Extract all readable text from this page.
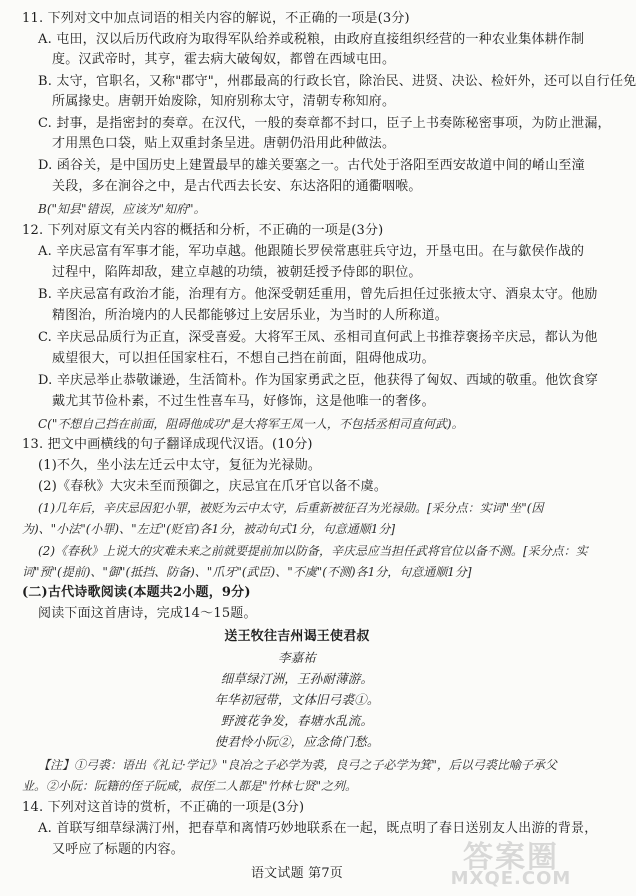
11. 下列对文中加点词语的相关内容的解说，不正确的一项是(3分)
A. 屯田，汉以后历代政府为取得军队给养或税粮，由政府直接组织经营的一种农业集体耕作制
度。汉武帝时，其亨，霍去病大破匈奴，都曾在西域屯田。
B. 太守，官职名，又称"郡守"，州郡最高的行政长官，除治民、进贤、决讼、检奸外，还可以自行任免
所属掾史。唐朝开始废除，知府别称太守，清朝专称知府。
C. 封事，是指密封的奏章。在汉代，一般的奏章都不封口，臣子上书奏陈秘密事项，为防止泄漏，
才用黑色口袋，贴上双重封条呈进。唐朝仍沿用此种做法。
D. 函谷关，是中国历史上建置最早的雄关要塞之一。古代处于洛阳至西安故道中间的崤山至潼
关段，多在涧谷之中，是古代西去长安、东达洛阳的通衢咽喉。
B("知县"错误，应该为"知府"。
12. 下列对原文有关内容的概括和分析，不正确的一项是(3分)
A. 辛庆忌富有军事才能，军功卓越。他跟随长罗侯常惠驻兵守边，开垦屯田。在与歙侯作战的
过程中，陷阵却敌，建立卓越的功绩，被朝廷授予侍郎的职位。
B. 辛庆忌富有政治才能，治理有方。他深受朝廷重用，曾先后担任过张掖太守、酒泉太守。他励
精图治，所治境内的人民都能够过上安居乐业，为当时的人所称道。
C. 辛庆忌品质行为正直，深受喜爱。大将军王凤、丞相司直何武上书推荐褒扬辛庆忌，都认为他
威望很大，可以担任国家柱石，不想自己挡在前面，阻碍他成功。
D. 辛庆忌举止恭敬谦逊，生活简朴。作为国家勇武之臣，他获得了匈奴、西域的敬重。他饮食穿
戴尤其节俭朴素，不过生性喜车马，好修饰，这是他唯一的奢侈。
C("不想自己挡在前面，阻碍他成功"是大将军王凤一人，不包括丞相司直何武)。
13. 把文中画横线的句子翻译成现代汉语。(10分)
(1)不久，坐小法左迁云中太守，复征为光禄勋。
(2)《春秋》大灾未至而预御之，庆忌宜在爪牙官以备不虞。
(1)几年后，辛庆忌因犯小罪，被贬为云中太守，后重新被征召为光禄勋。[采分点：实词"坐"(因
为)、"小法"(小罪)、"左迁"(贬官)各1分，被动句式1分，句意通顺1分]
(2)《春秋》上说大的灾难未来之前就要提前加以防备，辛庆忌应当担任武将官位以备不测。[采分点：实
词"预"(提前)、"御"(抵挡、防备)、"爪牙"(武臣)、"不虞"(不测)各1分，句意通顺1分]
(二)古代诗歌阅读(本题共2小题，9分)
阅读下面这首唐诗，完成14～15题。
送王牧往吉州谒王使君叔
李嘉祐
细草绿汀洲，王孙耐薄游。
年华初冠带，文体旧弓裘①。
野渡花争发，春塘水乱流。
使君怜小阮②，应念倚门愁。
【注】①弓裘：语出《礼记·学记》"良冶之子必学为裘，良弓之子必学为箕"，后以弓裘比喻子承父
业。②小阮：阮籍的侄子阮咸，叔侄二人都是"竹林七贤"之列。
14. 下列对这首诗的赏析，不正确的一项是(3分)
A. 首联写细草绿满汀州，把春草和离情巧妙地联系在一起，既点明了春日送别友人出游的背景，
又呼应了标题的内容。
语文试题 第7页	答案圈
MXQE.COM
